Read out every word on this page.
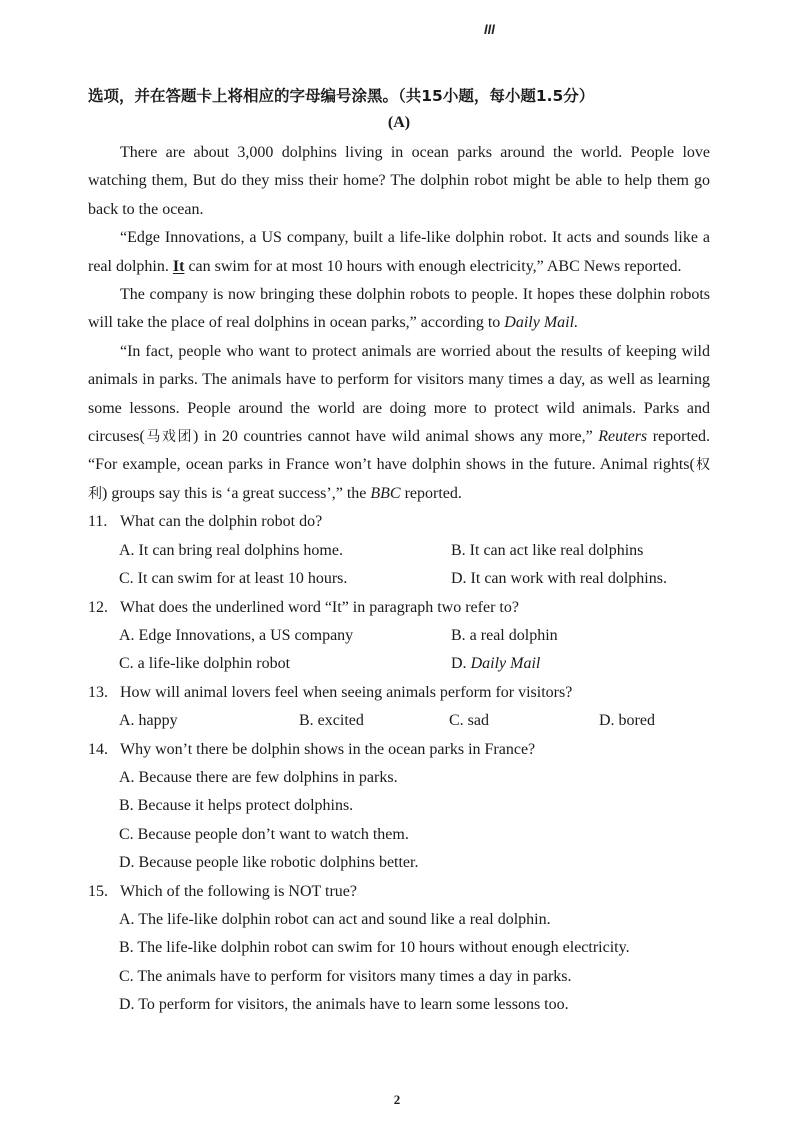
lll
选项，并在答题卡上将相应的字母编号涂黑。（共15小题，每小题1.5分）
(A)

There are about 3,000 dolphins living in ocean parks around the world. People love watching them, But do they miss their home? The dolphin robot might be able to help them go back to the ocean.

“Edge Innovations, a US company, built a life-like dolphin robot. It acts and sounds like a real dolphin. It can swim for at most 10 hours with enough electricity,” ABC News reported.

The company is now bringing these dolphin robots to people. It hopes these dolphin robots will take the place of real dolphins in ocean parks,” according to Daily Mail.

“In fact, people who want to protect animals are worried about the results of keeping wild animals in parks. The animals have to perform for visitors many times a day, as well as learning some lessons. People around the world are doing more to protect wild animals. Parks and circuses(马戏团) in 20 countries cannot have wild animal shows any more,” Reuters reported. “For example, ocean parks in France won’t have dolphin shows in the future. Animal rights(权利) groups say this is ‘a great success’,” the BBC reported.

11. What can the dolphin robot do?
A. It can bring real dolphins home.	B. It can act like real dolphins
C. It can swim for at least 10 hours.	D. It can work with real dolphins.
12. What does the underlined word “It” in paragraph two refer to?
A. Edge Innovations, a US company	B. a real dolphin
C. a life-like dolphin robot	D. Daily Mail
13. How will animal lovers feel when seeing animals perform for visitors?
A. happy	B. excited	C. sad	D. bored
14. Why won’t there be dolphin shows in the ocean parks in France?
A. Because there are few dolphins in parks.
B. Because it helps protect dolphins.
C. Because people don’t want to watch them.
D. Because people like robotic dolphins better.
15. Which of the following is NOT true?
A. The life-like dolphin robot can act and sound like a real dolphin.
B. The life-like dolphin robot can swim for 10 hours without enough electricity.
C. The animals have to perform for visitors many times a day in parks.
D. To perform for visitors, the animals have to learn some lessons too.
2
